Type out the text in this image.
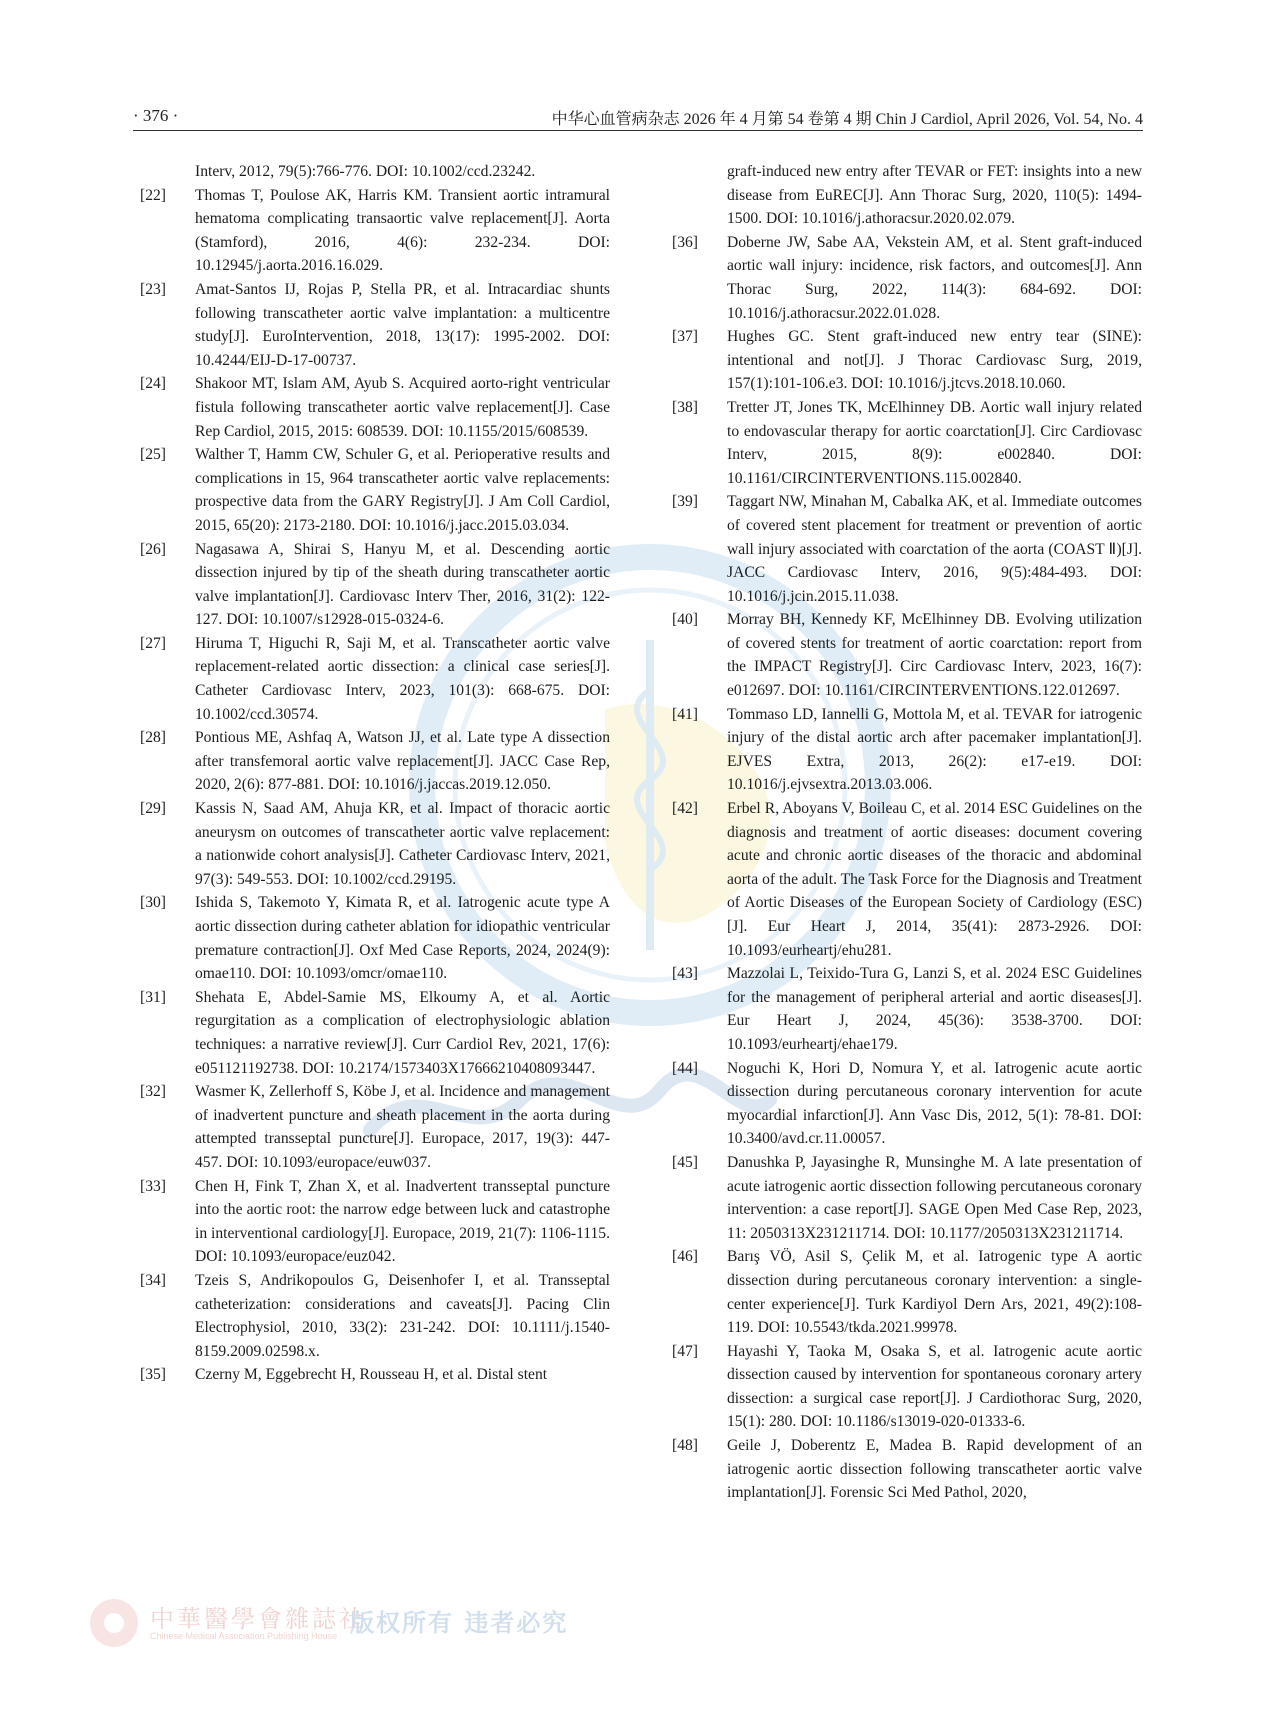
· 376 ·	中华心血管病杂志 2026 年 4 月第 54 卷第 4 期 Chin J Cardiol, April 2026, Vol. 54, No. 4
Interv, 2012, 79(5):766-776. DOI: 10.1002/ccd.23242.
[22] Thomas T, Poulose AK, Harris KM. Transient aortic intramural hematoma complicating transaortic valve replacement[J]. Aorta (Stamford), 2016, 4(6): 232-234. DOI: 10.12945/j.aorta.2016.16.029.
[23] Amat-Santos IJ, Rojas P, Stella PR, et al. Intracardiac shunts following transcatheter aortic valve implantation: a multicentre study[J]. EuroIntervention, 2018, 13(17): 1995-2002. DOI: 10.4244/EIJ-D-17-00737.
[24] Shakoor MT, Islam AM, Ayub S. Acquired aorto-right ventricular fistula following transcatheter aortic valve replacement[J]. Case Rep Cardiol, 2015, 2015: 608539. DOI: 10.1155/2015/608539.
[25] Walther T, Hamm CW, Schuler G, et al. Perioperative results and complications in 15, 964 transcatheter aortic valve replacements: prospective data from the GARY Registry[J]. J Am Coll Cardiol, 2015, 65(20): 2173-2180. DOI: 10.1016/j.jacc.2015.03.034.
[26] Nagasawa A, Shirai S, Hanyu M, et al. Descending aortic dissection injured by tip of the sheath during transcatheter aortic valve implantation[J]. Cardiovasc Interv Ther, 2016, 31(2): 122-127. DOI: 10.1007/s12928-015-0324-6.
[27] Hiruma T, Higuchi R, Saji M, et al. Transcatheter aortic valve replacement-related aortic dissection: a clinical case series[J]. Catheter Cardiovasc Interv, 2023, 101(3): 668-675. DOI: 10.1002/ccd.30574.
[28] Pontious ME, Ashfaq A, Watson JJ, et al. Late type A dissection after transfemoral aortic valve replacement[J]. JACC Case Rep, 2020, 2(6): 877-881. DOI: 10.1016/j.jaccas.2019.12.050.
[29] Kassis N, Saad AM, Ahuja KR, et al. Impact of thoracic aortic aneurysm on outcomes of transcatheter aortic valve replacement: a nationwide cohort analysis[J]. Catheter Cardiovasc Interv, 2021, 97(3): 549-553. DOI: 10.1002/ccd.29195.
[30] Ishida S, Takemoto Y, Kimata R, et al. Iatrogenic acute type A aortic dissection during catheter ablation for idiopathic ventricular premature contraction[J]. Oxf Med Case Reports, 2024, 2024(9): omae110. DOI: 10.1093/omcr/omae110.
[31] Shehata E, Abdel-Samie MS, Elkoumy A, et al. Aortic regurgitation as a complication of electrophysiologic ablation techniques: a narrative review[J]. Curr Cardiol Rev, 2021, 17(6): e051121192738. DOI: 10.2174/1573403X17666210408093447.
[32] Wasmer K, Zellerhoff S, Köbe J, et al. Incidence and management of inadvertent puncture and sheath placement in the aorta during attempted transseptal puncture[J]. Europace, 2017, 19(3): 447-457. DOI: 10.1093/europace/euw037.
[33] Chen H, Fink T, Zhan X, et al. Inadvertent transseptal puncture into the aortic root: the narrow edge between luck and catastrophe in interventional cardiology[J]. Europace, 2019, 21(7): 1106-1115. DOI: 10.1093/europace/euz042.
[34] Tzeis S, Andrikopoulos G, Deisenhofer I, et al. Transseptal catheterization: considerations and caveats[J]. Pacing Clin Electrophysiol, 2010, 33(2): 231-242. DOI: 10.1111/j.1540-8159.2009.02598.x.
[35] Czerny M, Eggebrecht H, Rousseau H, et al. Distal stent
graft-induced new entry after TEVAR or FET: insights into a new disease from EuREC[J]. Ann Thorac Surg, 2020, 110(5): 1494-1500. DOI: 10.1016/j.athoracsur.2020.02.079.
[36] Doberne JW, Sabe AA, Vekstein AM, et al. Stent graft-induced aortic wall injury: incidence, risk factors, and outcomes[J]. Ann Thorac Surg, 2022, 114(3): 684-692. DOI: 10.1016/j.athoracsur.2022.01.028.
[37] Hughes GC. Stent graft-induced new entry tear (SINE): intentional and not[J]. J Thorac Cardiovasc Surg, 2019, 157(1):101-106.e3. DOI: 10.1016/j.jtcvs.2018.10.060.
[38] Tretter JT, Jones TK, McElhinney DB. Aortic wall injury related to endovascular therapy for aortic coarctation[J]. Circ Cardiovasc Interv, 2015, 8(9): e002840. DOI: 10.1161/CIRCINTERVENTIONS.115.002840.
[39] Taggart NW, Minahan M, Cabalka AK, et al. Immediate outcomes of covered stent placement for treatment or prevention of aortic wall injury associated with coarctation of the aorta (COAST Ⅱ)[J]. JACC Cardiovasc Interv, 2016, 9(5):484-493. DOI: 10.1016/j.jcin.2015.11.038.
[40] Morray BH, Kennedy KF, McElhinney DB. Evolving utilization of covered stents for treatment of aortic coarctation: report from the IMPACT Registry[J]. Circ Cardiovasc Interv, 2023, 16(7): e012697. DOI: 10.1161/CIRCINTERVENTIONS.122.012697.
[41] Tommaso LD, Iannelli G, Mottola M, et al. TEVAR for iatrogenic injury of the distal aortic arch after pacemaker implantation[J]. EJVES Extra, 2013, 26(2): e17-e19. DOI: 10.1016/j.ejvsextra.2013.03.006.
[42] Erbel R, Aboyans V, Boileau C, et al. 2014 ESC Guidelines on the diagnosis and treatment of aortic diseases: document covering acute and chronic aortic diseases of the thoracic and abdominal aorta of the adult. The Task Force for the Diagnosis and Treatment of Aortic Diseases of the European Society of Cardiology (ESC)[J]. Eur Heart J, 2014, 35(41): 2873-2926. DOI: 10.1093/eurheartj/ehu281.
[43] Mazzolai L, Teixido-Tura G, Lanzi S, et al. 2024 ESC Guidelines for the management of peripheral arterial and aortic diseases[J]. Eur Heart J, 2024, 45(36): 3538-3700. DOI: 10.1093/eurheartj/ehae179.
[44] Noguchi K, Hori D, Nomura Y, et al. Iatrogenic acute aortic dissection during percutaneous coronary intervention for acute myocardial infarction[J]. Ann Vasc Dis, 2012, 5(1): 78-81. DOI: 10.3400/avd.cr.11.00057.
[45] Danushka P, Jayasinghe R, Munsinghe M. A late presentation of acute iatrogenic aortic dissection following percutaneous coronary intervention: a case report[J]. SAGE Open Med Case Rep, 2023, 11: 2050313X231211714. DOI: 10.1177/2050313X231211714.
[46] Barış VÖ, Asil S, Çelik M, et al. Iatrogenic type A aortic dissection during percutaneous coronary intervention: a single-center experience[J]. Turk Kardiyol Dern Ars, 2021, 49(2):108-119. DOI: 10.5543/tkda.2021.99978.
[47] Hayashi Y, Taoka M, Osaka S, et al. Iatrogenic acute aortic dissection caused by intervention for spontaneous coronary artery dissection: a surgical case report[J]. J Cardiothorac Surg, 2020, 15(1): 280. DOI: 10.1186/s13019-020-01333-6.
[48] Geile J, Doberentz E, Madea B. Rapid development of an iatrogenic aortic dissection following transcatheter aortic valve implantation[J]. Forensic Sci Med Pathol, 2020,
中華醫學會雜誌社
Chinese Medical Association Publishing House 版权所有 违者必究
